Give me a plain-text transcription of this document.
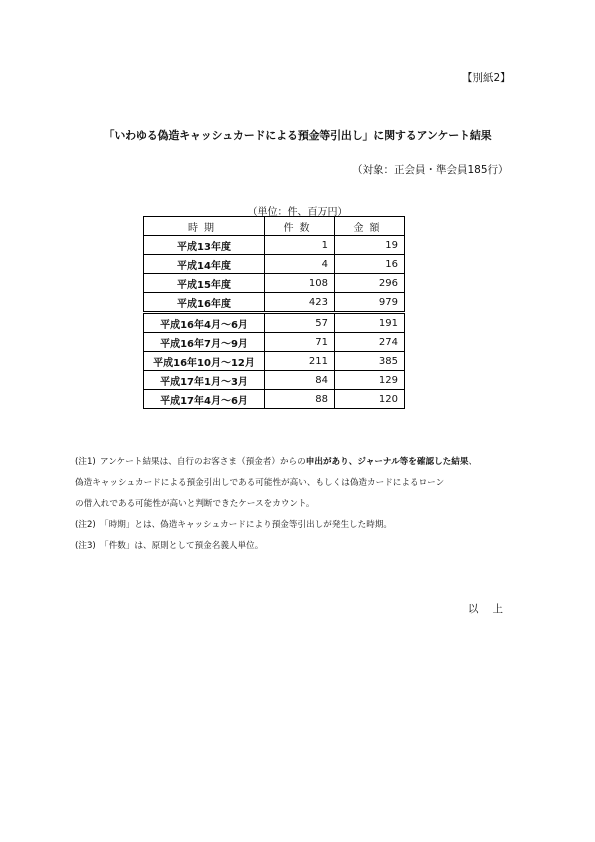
【別紙2】
「いわゆる偽造キャッシュカードによる預金等引出し」に関するアンケート結果
（対象：正会員・準会員185行）
（単位：件、百万円）
時期	件数	金額
平成13年度	1	19
平成14年度	4	16
平成15年度	108	296
平成16年度	423	979
平成16年4月～6月	57	191
平成16年7月～9月	71	274
平成16年10月～12月	211	385
平成17年1月～3月	84	129
平成17年4月～6月	88	120
(注1) アンケート結果は、自行のお客さま（預金者）からの申出があり、ジャーナル等を確認した結果、
偽造キャッシュカードによる預金引出しである可能性が高い、もしくは偽造カードによるローン
の借入れである可能性が高いと判断できたケースをカウント。
(注2) 「時期」とは、偽造キャッシュカードにより預金等引出しが発生した時期。
(注3) 「件数」は、原則として預金名義人単位。
以上
